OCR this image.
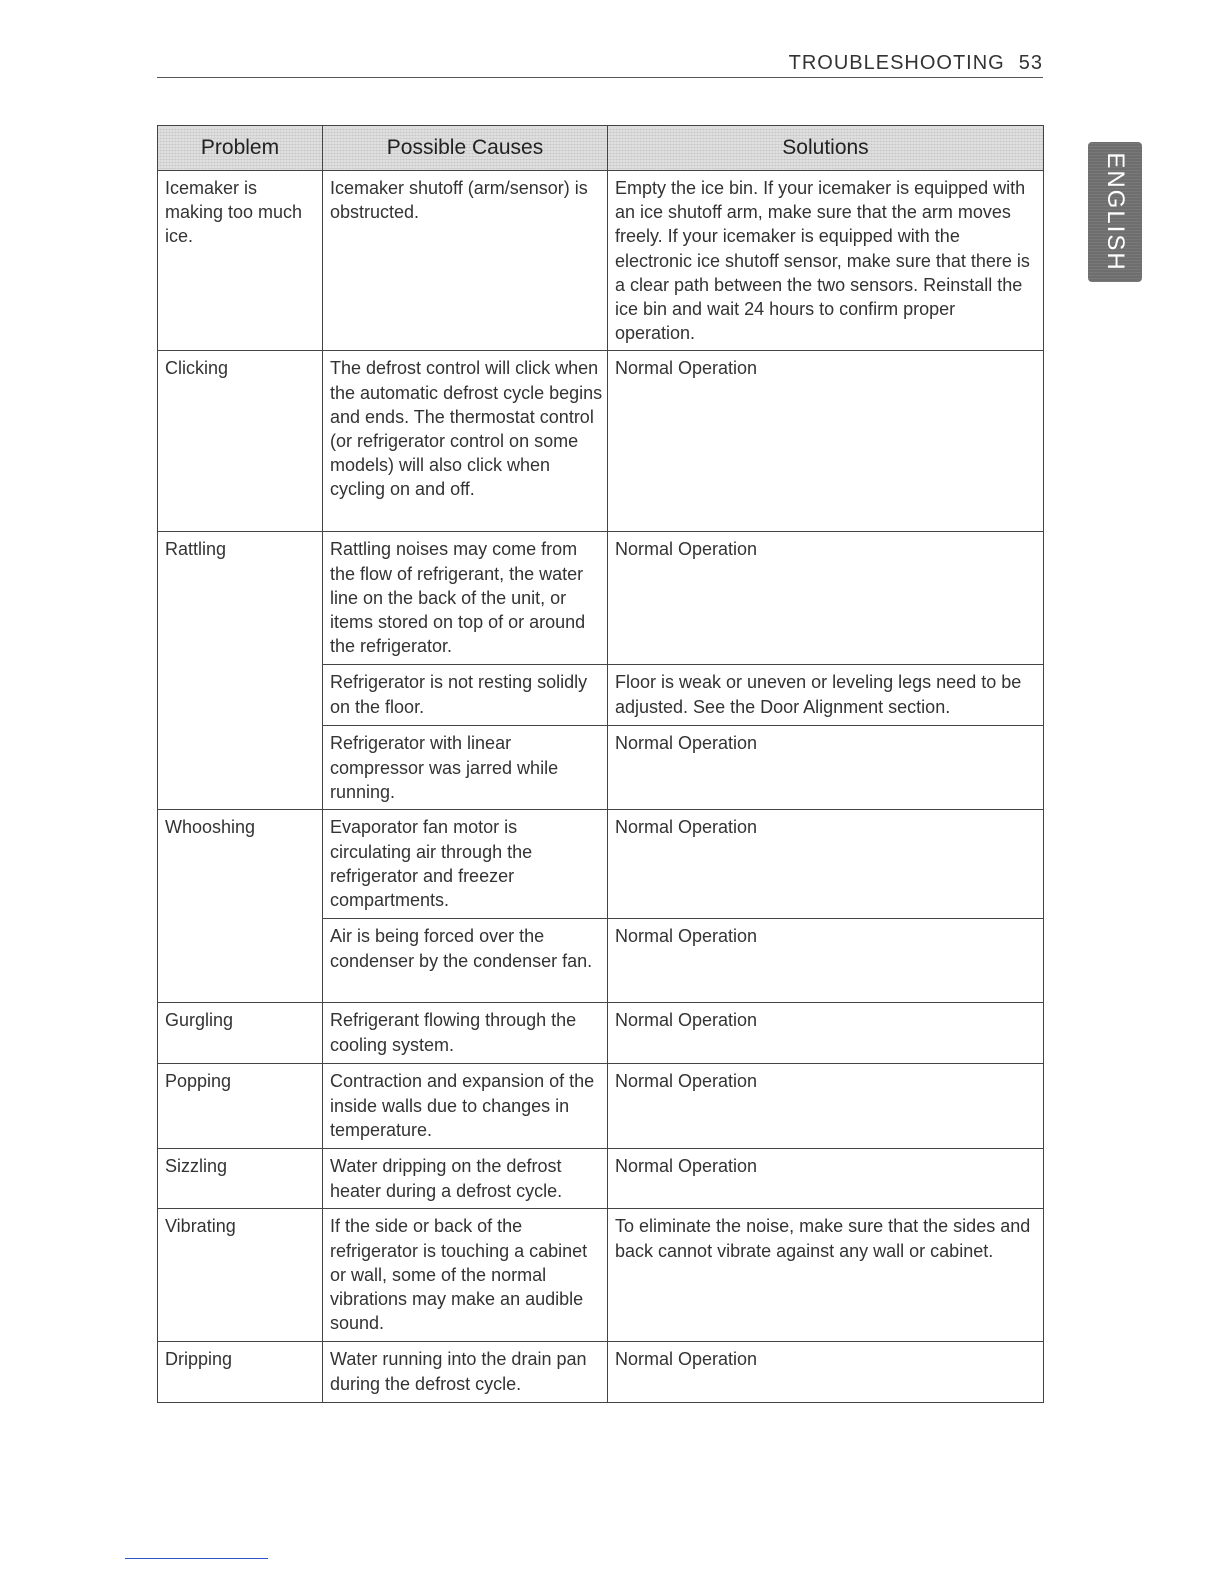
TROUBLESHOOTING 53
ENGLISH
Problem	Possible Causes	Solutions
Icemaker is making too much ice.	Icemaker shutoff (arm/sensor) is obstructed.	Empty the ice bin. If your icemaker is equipped with an ice shutoff arm, make sure that the arm moves freely. If your icemaker is equipped with the electronic ice shutoff sensor, make sure that there is a clear path between the two sensors. Reinstall the ice bin and wait 24 hours to confirm proper operation.
Clicking	The defrost control will click when the automatic defrost cycle begins and ends. The thermostat control (or refrigerator control on some models) will also click when cycling on and off.	Normal Operation
Rattling	Rattling noises may come from the flow of refrigerant, the water line on the back of the unit, or items stored on top of or around the refrigerator.	Normal Operation
	Refrigerator is not resting solidly on the floor.	Floor is weak or uneven or leveling legs need to be adjusted. See the Door Alignment section.
	Refrigerator with linear compressor was jarred while running.	Normal Operation
Whooshing	Evaporator fan motor is circulating air through the refrigerator and freezer compartments.	Normal Operation
	Air is being forced over the condenser by the condenser fan.	Normal Operation
Gurgling	Refrigerant flowing through the cooling system.	Normal Operation
Popping	Contraction and expansion of the inside walls due to changes in temperature.	Normal Operation
Sizzling	Water dripping on the defrost heater during a defrost cycle.	Normal Operation
Vibrating	If the side or back of the refrigerator is touching a cabinet or wall, some of the normal vibrations may make an audible sound.	To eliminate the noise, make sure that the sides and back cannot vibrate against any wall or cabinet.
Dripping	Water running into the drain pan during the defrost cycle.	Normal Operation
